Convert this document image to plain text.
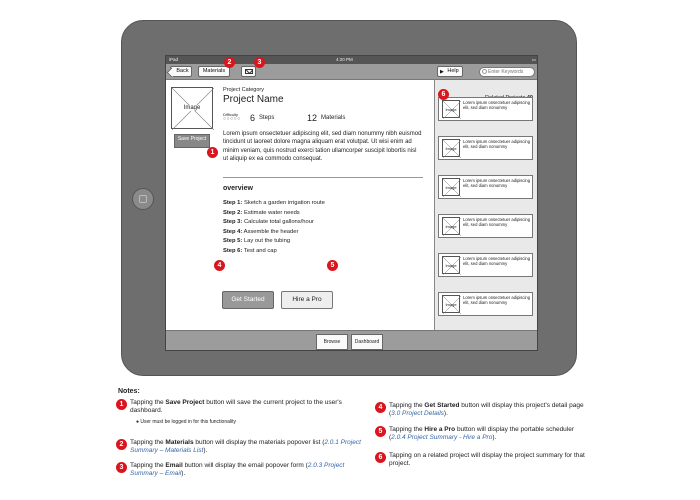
iPad	4:20 PM	▭
Back	Materials	▶ Help
Enter Keywords
Image
Save Project
Project Category
Project Name
Difficulty
○○○○○ 6 Steps	12 Materials
Lorem ipsum onsectetuer adipiscing elit, sed diam nonummy nibh euismod tincidunt ut laoreet dolore magna aliquam erat volutpat. Ut wisi enim ad minim veniam, quis nostrud exerci tation ullamcorper suscipit lobortis nisl ut aliquip ex ea commodo consequat.
overview
Step 1: Sketch a garden irrigation route
Step 2: Estimate water needs
Step 3: Calculate total gallons/hour
Step 4: Assemble the header
Step 5: Lay out the tubing
Step 6: Test and cap
Get Started	Hire a Pro
Image
Lorem ipsum onsectetuer adipiscing elit, sed diam nonummy
Image
Lorem ipsum onsectetuer adipiscing elit, sed diam nonummy
Image
Lorem ipsum onsectetuer adipiscing elit, sed diam nonummy
Image
Lorem ipsum onsectetuer adipiscing elit, sed diam nonummy
Image
Lorem ipsum onsectetuer adipiscing elit, sed diam nonummy
Image
Lorem ipsum onsectetuer adipiscing elit, sed diam nonummy
Browse	Dashboard
2	3
1
4	5
6
Notes:
1	Tapping the Save Project button will save the current project to the user's dashboard.
● User must be logged in for this functionality
2	Tapping the Materials button will display the materials popover list (2.0.1 Project Summary – Materials List).
3	Tapping the Email button will display the email popover form (2.0.3 Project Summary – Email).
4	Tapping the Get Started button will display this project's detail page (3.0 Project Details).
5	Tapping the Hire a Pro button will display the portable scheduler (2.0.4 Project Summary - Hire a Pro).
6	Tapping on a related project will display the project summary for that project.
